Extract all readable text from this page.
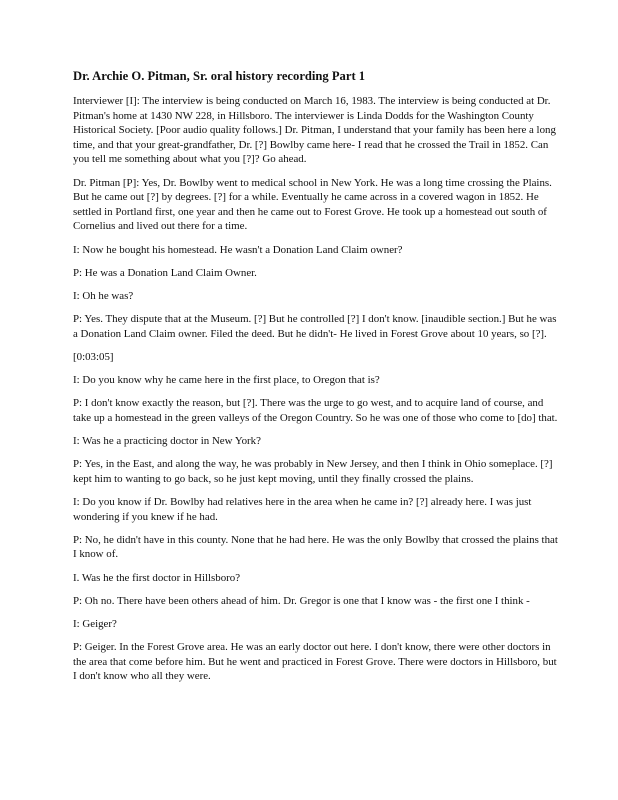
Dr. Archie O. Pitman, Sr. oral history recording Part 1

Interviewer [I]: The interview is being conducted on March 16, 1983. The interview is being conducted at Dr. Pitman's home at 1430 NW 228, in Hillsboro. The interviewer is Linda Dodds for the Washington County Historical Society. [Poor audio quality follows.] Dr. Pitman, I understand that your family has been here a long time, and that your great-grandfather, Dr. [?] Bowlby came here- I read that he crossed the Trail in 1852. Can you tell me something about what you [?]? Go ahead.

Dr. Pitman [P]: Yes, Dr. Bowlby went to medical school in New York. He was a long time crossing the Plains. But he came out [?] by degrees. [?] for a while. Eventually he came across in a covered wagon in 1852. He settled in Portland first, one year and then he came out to Forest Grove. He took up a homestead out south of Cornelius and lived out there for a time.

I: Now he bought his homestead. He wasn't a Donation Land Claim owner?

P: He was a Donation Land Claim Owner.

I: Oh he was?

P: Yes. They dispute that at the Museum. [?] But he controlled [?] I don't know. [inaudible section.] But he was a Donation Land Claim owner. Filed the deed. But he didn't- He lived in Forest Grove about 10 years, so [?].

[0:03:05]

I: Do you know why he came here in the first place, to Oregon that is?

P: I don't know exactly the reason, but [?]. There was the urge to go west, and to acquire land of course, and take up a homestead in the green valleys of the Oregon Country. So he was one of those who come to [do] that.

I: Was he a practicing doctor in New York?

P: Yes, in the East, and along the way, he was probably in New Jersey, and then I think in Ohio someplace. [?] kept him to wanting to go back, so he just kept moving, until they finally crossed the plains.

I: Do you know if Dr. Bowlby had relatives here in the area when he came in? [?] already here. I was just wondering if you knew if he had.

P: No, he didn't have in this county. None that he had here. He was the only Bowlby that crossed the plains that I know of.

I. Was he the first doctor in Hillsboro?

P: Oh no. There have been others ahead of him. Dr. Gregor is one that I know was - the first one I think -

I: Geiger?

P: Geiger. In the Forest Grove area. He was an early doctor out here. I don't know, there were other doctors in the area that come before him. But he went and practiced in Forest Grove. There were doctors in Hillsboro, but I don't know who all they were.
